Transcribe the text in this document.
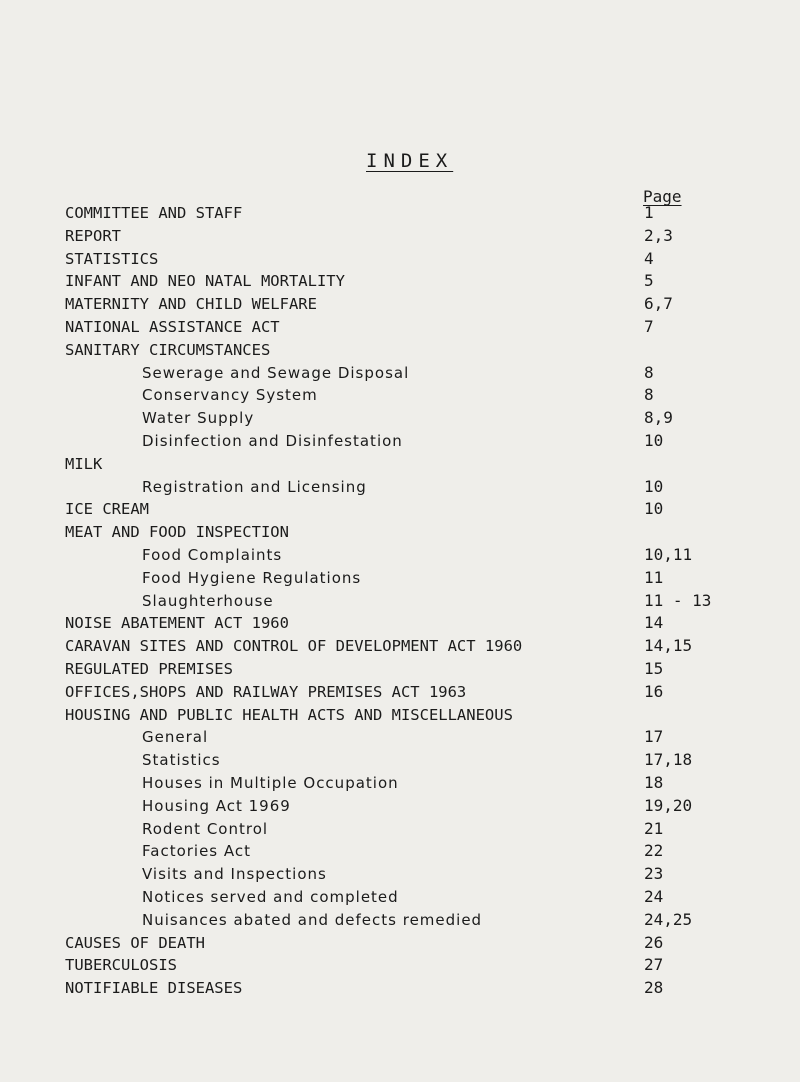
INDEX
Page
COMMITTEE AND STAFF	1
REPORT	2,3
STATISTICS	4
INFANT AND NEO NATAL MORTALITY	5
MATERNITY AND CHILD WELFARE	6,7
NATIONAL ASSISTANCE ACT	7
SANITARY CIRCUMSTANCES
Sewerage and Sewage Disposal	8
Conservancy System	8
Water Supply	8,9
Disinfection and Disinfestation	10
MILK
Registration and Licensing	10
ICE CREAM	10
MEAT AND FOOD INSPECTION
Food Complaints	10,11
Food Hygiene Regulations	11
Slaughterhouse	11 - 13
NOISE ABATEMENT ACT 1960	14
CARAVAN SITES AND CONTROL OF DEVELOPMENT ACT 1960	14,15
REGULATED PREMISES	15
OFFICES,SHOPS AND RAILWAY PREMISES ACT 1963	16
HOUSING AND PUBLIC HEALTH ACTS AND MISCELLANEOUS
General	17
Statistics	17,18
Houses in Multiple Occupation	18
Housing Act 1969	19,20
Rodent Control	21
Factories Act	22
Visits and Inspections	23
Notices served and completed	24
Nuisances abated and defects remedied	24,25
CAUSES OF DEATH	26
TUBERCULOSIS	27
NOTIFIABLE DISEASES	28
